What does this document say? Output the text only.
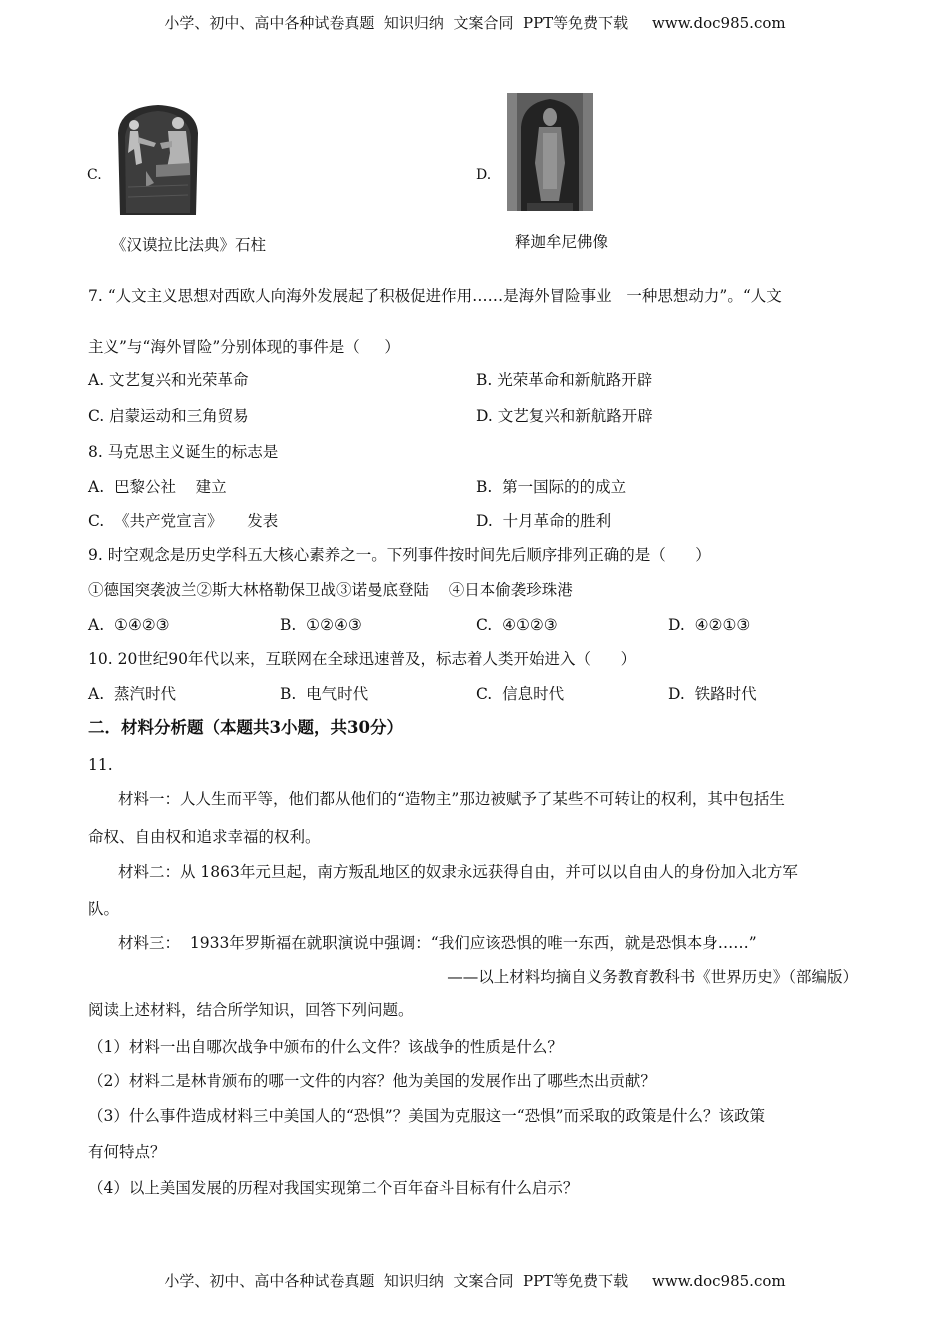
小学、初中、高中各种试卷真题  知识归纳  文案合同  PPT等免费下载     www.doc985.com
C.
《汉谟拉比法典》石柱
D.
释迦牟尼佛像
7. “人文主义思想对西欧人向海外发展起了积极促进作用……是海外冒险事业   一种思想动力”。“人文
主义”与“海外冒险”分别体现的事件是（     ）
A. 文艺复兴和光荣革命	B. 光荣革命和新航路开辟
C. 启蒙运动和三角贸易	D. 文艺复兴和新航路开辟
8. 马克思主义诞生的标志是
A.  巴黎公社    建立	B.  第一国际的的成立
C.  《共产党宣言》     发表	D.  十月革命的胜利
9. 时空观念是历史学科五大核心素养之一。下列事件按时间先后顺序排列正确的是（      ）
①德国突袭波兰②斯大林格勒保卫战③诺曼底登陆    ④日本偷袭珍珠港
A.  ①④②③	B.  ①②④③	C.  ④①②③	D.  ④②①③
10. 20世纪90年代以来，互联网在全球迅速普及，标志着人类开始进入（      ）
A.  蒸汽时代	B.  电气时代	C.  信息时代	D.  铁路时代
二．材料分析题（本题共3小题，共30分）
11.
材料一：人人生而平等，他们都从他们的“造物主”那边被赋予了某些不可转让的权利，其中包括生
命权、自由权和追求幸福的权利。
材料二：从 1863年元旦起，南方叛乱地区的奴隶永远获得自由，并可以以自由人的身份加入北方军
队。
材料三：  1933年罗斯福在就职演说中强调：“我们应该恐惧的唯一东西，就是恐惧本身……”
——以上材料均摘自义务教育教科书《世界历史》（部编版）
阅读上述材料，结合所学知识，回答下列问题。
（1）材料一出自哪次战争中颁布的什么文件？该战争的性质是什么？
（2）材料二是林肯颁布的哪一文件的内容？他为美国的发展作出了哪些杰出贡献？
（3）什么事件造成材料三中美国人的“恐惧”？美国为克服这一“恐惧”而采取的政策是什么？该政策
有何特点？
（4）以上美国发展的历程对我国实现第二个百年奋斗目标有什么启示？
小学、初中、高中各种试卷真题  知识归纳  文案合同  PPT等免费下载     www.doc985.com
